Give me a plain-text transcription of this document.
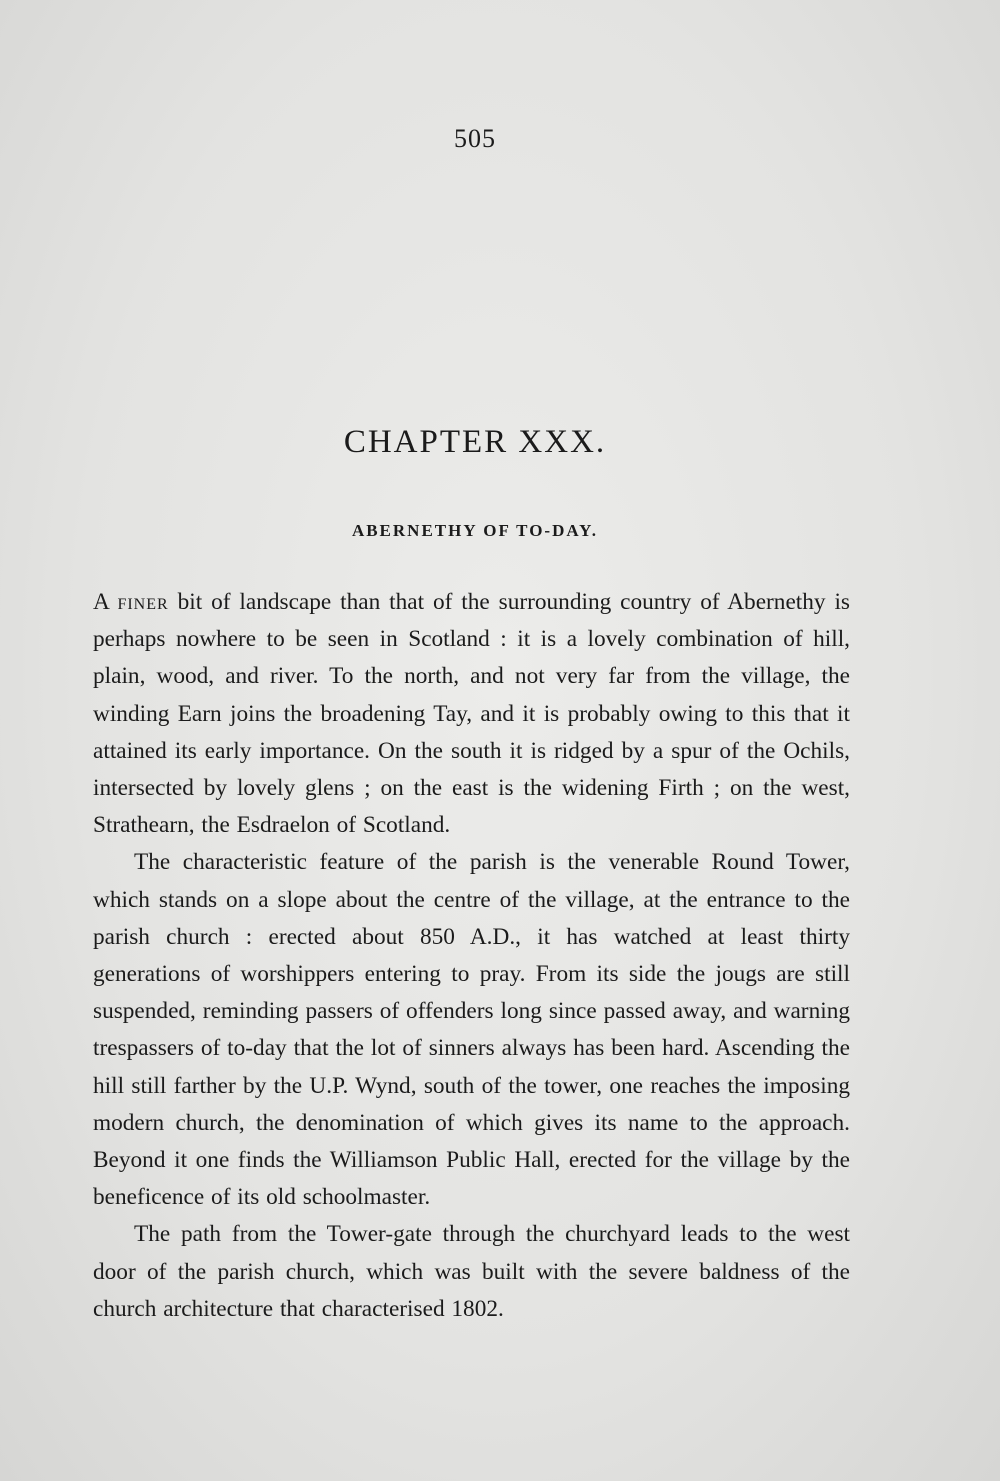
505
CHAPTER XXX.
ABERNETHY OF TO-DAY.

A finer bit of landscape than that of the surrounding country of Abernethy is perhaps nowhere to be seen in Scotland : it is a lovely combination of hill, plain, wood, and river. To the north, and not very far from the village, the winding Earn joins the broadening Tay, and it is probably owing to this that it attained its early importance. On the south it is ridged by a spur of the Ochils, intersected by lovely glens ; on the east is the widening Firth ; on the west, Strathearn, the Esdraelon of Scotland.

The characteristic feature of the parish is the venerable Round Tower, which stands on a slope about the centre of the village, at the entrance to the parish church : erected about 850 A.D., it has watched at least thirty generations of worshippers entering to pray. From its side the jougs are still suspended, reminding passers of offenders long since passed away, and warning trespassers of to-day that the lot of sinners always has been hard. Ascending the hill still farther by the U.P. Wynd, south of the tower, one reaches the imposing modern church, the denomination of which gives its name to the approach. Beyond it one finds the Williamson Public Hall, erected for the village by the beneficence of its old schoolmaster.

The path from the Tower-gate through the churchyard leads to the west door of the parish church, which was built with the severe baldness of the church architecture that characterised 1802.
